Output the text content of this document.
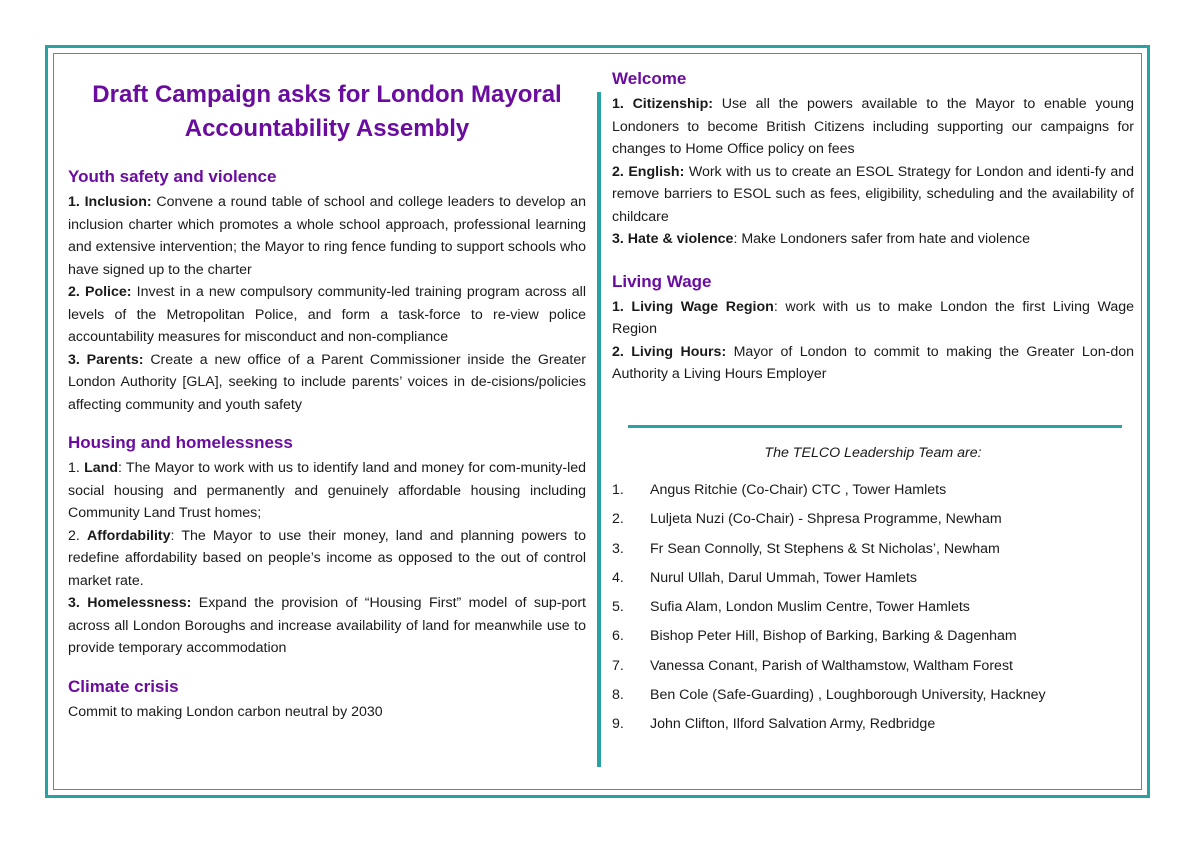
Draft Campaign asks for London Mayoral Accountability Assembly
Youth safety and violence

1. Inclusion: Convene a round table of school and college leaders to develop an inclusion charter which promotes a whole school approach, professional learning and extensive intervention; the Mayor to ring fence funding to support schools who have signed up to the charter

2. Police: Invest in a new compulsory community-led training program across all levels of the Metropolitan Police, and form a task-force to re-view police accountability measures for misconduct and non-compliance

3. Parents: Create a new office of a Parent Commissioner inside the Greater London Authority [GLA], seeking to include parents’ voices in de-cisions/policies affecting community and youth safety

Housing and homelessness

1. Land: The Mayor to work with us to identify land and money for com-munity-led social housing and permanently and genuinely affordable housing including Community Land Trust homes;

2. Affordability: The Mayor to use their money, land and planning powers to redefine affordability based on people’s income as opposed to the out of control market rate.

3. Homelessness: Expand the provision of “Housing First” model of sup-port across all London Boroughs and increase availability of land for meanwhile use to provide temporary accommodation

Climate crisis

Commit to making London carbon neutral by 2030

Welcome

1. Citizenship: Use all the powers available to the Mayor to enable young Londoners to become British Citizens including supporting our campaigns for changes to Home Office policy on fees

2. English: Work with us to create an ESOL Strategy for London and identi-fy and remove barriers to ESOL such as fees, eligibility, scheduling and the availability of childcare

3. Hate & violence: Make Londoners safer from hate and violence

Living Wage

1. Living Wage Region: work with us to make London the first Living Wage Region

2. Living Hours: Mayor of London to commit to making the Greater Lon-don Authority a Living Hours Employer

The TELCO Leadership Team are:
1.	Angus Ritchie (Co-Chair) CTC , Tower Hamlets
2.	Luljeta Nuzi (Co-Chair) - Shpresa Programme, Newham
3.	Fr Sean Connolly, St Stephens & St Nicholas’, Newham
4.	Nurul Ullah, Darul Ummah, Tower Hamlets
5.	Sufia Alam, London Muslim Centre, Tower Hamlets
6.	Bishop Peter Hill, Bishop of Barking, Barking & Dagenham
7.	Vanessa Conant, Parish of Walthamstow, Waltham Forest
8.	Ben Cole (Safe-Guarding) , Loughborough University, Hackney
9.	John Clifton, Ilford Salvation Army, Redbridge
